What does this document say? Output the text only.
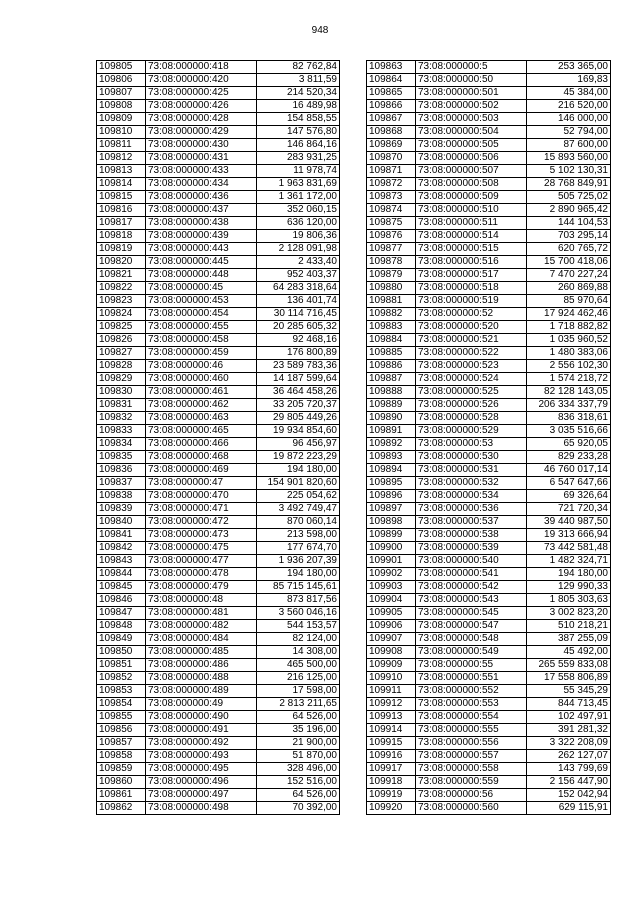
948
109805	73:08:000000:418	82 762,84
109806	73:08:000000:420	3 811,59
109807	73:08:000000:425	214 520,34
109808	73:08:000000:426	16 489,98
109809	73:08:000000:428	154 858,55
109810	73:08:000000:429	147 576,80
109811	73:08:000000:430	146 864,16
109812	73:08:000000:431	283 931,25
109813	73:08:000000:433	11 978,74
109814	73:08:000000:434	1 963 831,69
109815	73:08:000000:436	1 361 172,00
109816	73:08:000000:437	352 060,15
109817	73:08:000000:438	636 120,00
109818	73:08:000000:439	19 806,36
109819	73:08:000000:443	2 128 091,98
109820	73:08:000000:445	2 433,40
109821	73:08:000000:448	952 403,37
109822	73:08:000000:45	64 283 318,64
109823	73:08:000000:453	136 401,74
109824	73:08:000000:454	30 114 716,45
109825	73:08:000000:455	20 285 605,32
109826	73:08:000000:458	92 468,16
109827	73:08:000000:459	176 800,89
109828	73:08:000000:46	23 589 783,36
109829	73:08:000000:460	14 187 599,64
109830	73:08:000000:461	36 464 458,26
109831	73:08:000000:462	33 205 720,37
109832	73:08:000000:463	29 805 449,26
109833	73:08:000000:465	19 934 854,60
109834	73:08:000000:466	96 456,97
109835	73:08:000000:468	19 872 223,29
109836	73:08:000000:469	194 180,00
109837	73:08:000000:47	154 901 820,60
109838	73:08:000000:470	225 054,62
109839	73:08:000000:471	3 492 749,47
109840	73:08:000000:472	870 060,14
109841	73:08:000000:473	213 598,00
109842	73:08:000000:475	177 674,70
109843	73:08:000000:477	1 936 207,39
109844	73:08:000000:478	194 180,00
109845	73:08:000000:479	85 715 145,61
109846	73:08:000000:48	873 817,56
109847	73:08:000000:481	3 560 046,16
109848	73:08:000000:482	544 153,57
109849	73:08:000000:484	82 124,00
109850	73:08:000000:485	14 308,00
109851	73:08:000000:486	465 500,00
109852	73:08:000000:488	216 125,00
109853	73:08:000000:489	17 598,00
109854	73:08:000000:49	2 813 211,65
109855	73:08:000000:490	64 526,00
109856	73:08:000000:491	35 196,00
109857	73:08:000000:492	21 900,00
109858	73:08:000000:493	51 870,00
109859	73:08:000000:495	328 496,00
109860	73:08:000000:496	152 516,00
109861	73:08:000000:497	64 526,00
109862	73:08:000000:498	70 392,00
109863	73:08:000000:5	253 365,00
109864	73:08:000000:50	169,83
109865	73:08:000000:501	45 384,00
109866	73:08:000000:502	216 520,00
109867	73:08:000000:503	146 000,00
109868	73:08:000000:504	52 794,00
109869	73:08:000000:505	87 600,00
109870	73:08:000000:506	15 893 560,00
109871	73:08:000000:507	5 102 130,31
109872	73:08:000000:508	28 768 849,91
109873	73:08:000000:509	505 725,02
109874	73:08:000000:510	2 890 965,42
109875	73:08:000000:511	144 104,53
109876	73:08:000000:514	703 295,14
109877	73:08:000000:515	620 765,72
109878	73:08:000000:516	15 700 418,06
109879	73:08:000000:517	7 470 227,24
109880	73:08:000000:518	260 869,88
109881	73:08:000000:519	85 970,64
109882	73:08:000000:52	17 924 462,46
109883	73:08:000000:520	1 718 882,82
109884	73:08:000000:521	1 035 960,52
109885	73:08:000000:522	1 480 383,06
109886	73:08:000000:523	2 556 102,30
109887	73:08:000000:524	1 574 218,72
109888	73:08:000000:525	82 128 143,05
109889	73:08:000000:526	206 334 337,79
109890	73:08:000000:528	836 318,61
109891	73:08:000000:529	3 035 516,66
109892	73:08:000000:53	65 920,05
109893	73:08:000000:530	829 233,28
109894	73:08:000000:531	46 760 017,14
109895	73:08:000000:532	6 547 647,66
109896	73:08:000000:534	69 326,64
109897	73:08:000000:536	721 720,34
109898	73:08:000000:537	39 440 987,50
109899	73:08:000000:538	19 313 666,94
109900	73:08:000000:539	73 442 581,48
109901	73:08:000000:540	1 482 324,71
109902	73:08:000000:541	194 180,00
109903	73:08:000000:542	129 990,33
109904	73:08:000000:543	1 805 303,63
109905	73:08:000000:545	3 002 823,20
109906	73:08:000000:547	510 218,21
109907	73:08:000000:548	387 255,09
109908	73:08:000000:549	45 492,00
109909	73:08:000000:55	265 559 833,08
109910	73:08:000000:551	17 558 806,89
109911	73:08:000000:552	55 345,29
109912	73:08:000000:553	844 713,45
109913	73:08:000000:554	102 497,91
109914	73:08:000000:555	391 281,32
109915	73:08:000000:556	3 322 208,09
109916	73:08:000000:557	262 127,07
109917	73:08:000000:558	143 799,69
109918	73:08:000000:559	2 156 447,90
109919	73:08:000000:56	152 042,94
109920	73:08:000000:560	629 115,91
